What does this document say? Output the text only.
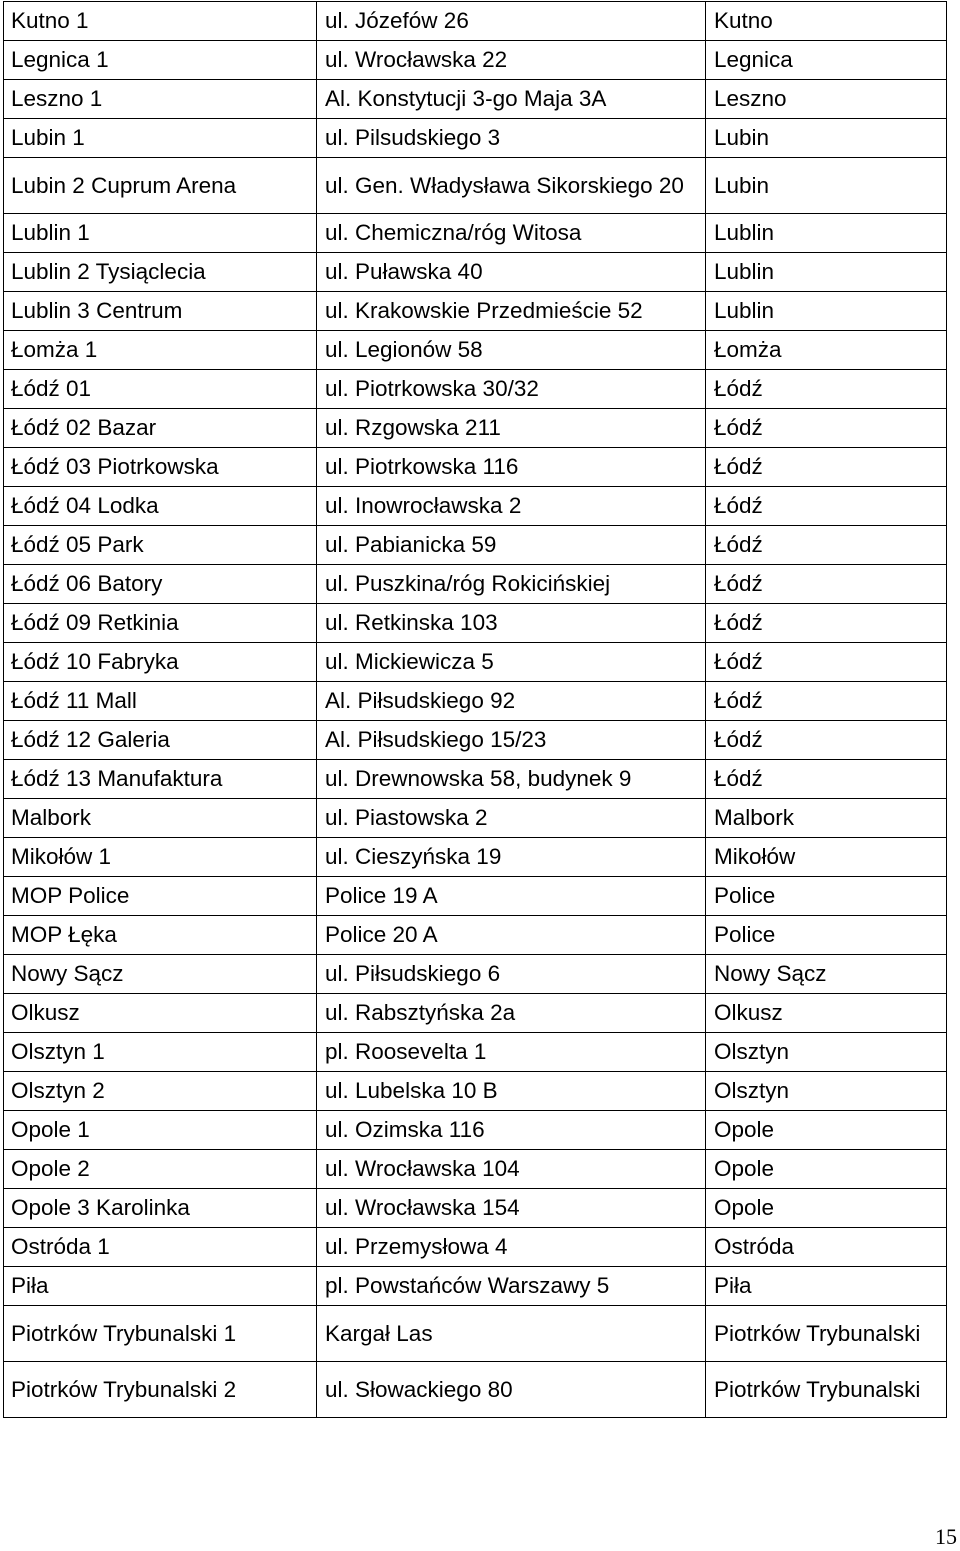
Kutno 1	ul. Józefów 26	Kutno
Legnica 1	ul. Wrocławska 22	Legnica
Leszno 1	Al. Konstytucji 3-go Maja 3A	Leszno
Lubin 1	ul. Pilsudskiego 3	Lubin
Lubin 2 Cuprum Arena	ul. Gen. Władysława Sikorskiego 20	Lubin
Lublin 1	ul. Chemiczna/róg Witosa	Lublin
Lublin 2 Tysiąclecia	ul. Puławska 40	Lublin
Lublin 3 Centrum	ul. Krakowskie Przedmieście 52	Lublin
Łomża 1	ul. Legionów 58	Łomża
Łódź 01	ul. Piotrkowska 30/32	Łódź
Łódź 02 Bazar	ul. Rzgowska 211	Łódź
Łódź 03 Piotrkowska	ul. Piotrkowska 116	Łódź
Łódź 04 Lodka	ul. Inowrocławska 2	Łódź
Łódź 05 Park	ul. Pabianicka 59	Łódź
Łódź 06 Batory	ul. Puszkina/róg Rokicińskiej	Łódź
Łódź 09 Retkinia	ul. Retkinska 103	Łódź
Łódź 10 Fabryka	ul. Mickiewicza 5	Łódź
Łódź 11 Mall	Al. Piłsudskiego 92	Łódź
Łódź 12 Galeria	Al. Piłsudskiego 15/23	Łódź
Łódź 13 Manufaktura	ul. Drewnowska 58, budynek 9	Łódź
Malbork	ul. Piastowska 2	Malbork
Mikołów 1	ul. Cieszyńska 19	Mikołów
MOP Police	Police 19 A	Police
MOP Łęka	Police 20 A	Police
Nowy Sącz	ul. Piłsudskiego 6	Nowy Sącz
Olkusz	ul. Rabsztyńska 2a	Olkusz
Olsztyn 1	pl. Roosevelta 1	Olsztyn
Olsztyn 2	ul. Lubelska 10 B	Olsztyn
Opole 1	ul. Ozimska 116	Opole
Opole 2	ul. Wrocławska 104	Opole
Opole 3 Karolinka	ul. Wrocławska 154	Opole
Ostróda 1	ul. Przemysłowa 4	Ostróda
Piła	pl. Powstańców Warszawy 5	Piła
Piotrków Trybunalski 1	Kargał Las	Piotrków Trybunalski
Piotrków Trybunalski 2	ul. Słowackiego 80	Piotrków Trybunalski
15
